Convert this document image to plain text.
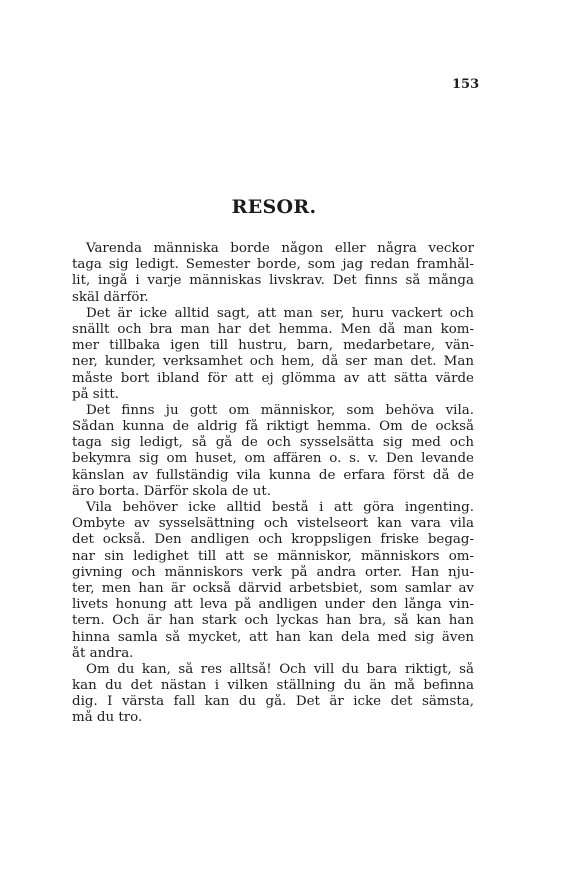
153
RESOR.
Varenda människa borde någon eller några veckor
taga sig ledigt. Semester borde, som jag redan framhål-
lit, ingå i varje människas livskrav. Det finns så många
skäl därför.
Det är icke alltid sagt, att man ser, huru vackert och
snällt och bra man har det hemma. Men då man kom-
mer tillbaka igen till hustru, barn, medarbetare, vän-
ner, kunder, verksamhet och hem, då ser man det. Man
måste bort ibland för att ej glömma av att sätta värde
på sitt.
Det finns ju gott om människor, som behöva vila.
Sådan kunna de aldrig få riktigt hemma. Om de också
taga sig ledigt, så gå de och sysselsätta sig med och
bekymra sig om huset, om affären o. s. v. Den levande
känslan av fullständig vila kunna de erfara först då de
äro borta. Därför skola de ut.
Vila behöver icke alltid bestå i att göra ingenting.
Ombyte av sysselsättning och vistelseort kan vara vila
det också. Den andligen och kroppsligen friske begag-
nar sin ledighet till att se människor, människors om-
givning och människors verk på andra orter. Han nju-
ter, men han är också därvid arbetsbiet, som samlar av
livets honung att leva på andligen under den långa vin-
tern. Och är han stark och lyckas han bra, så kan han
hinna samla så mycket, att han kan dela med sig även
åt andra.
Om du kan, så res alltså! Och vill du bara riktigt, så
kan du det nästan i vilken ställning du än må befinna
dig. I värsta fall kan du gå. Det är icke det sämsta,
må du tro.
